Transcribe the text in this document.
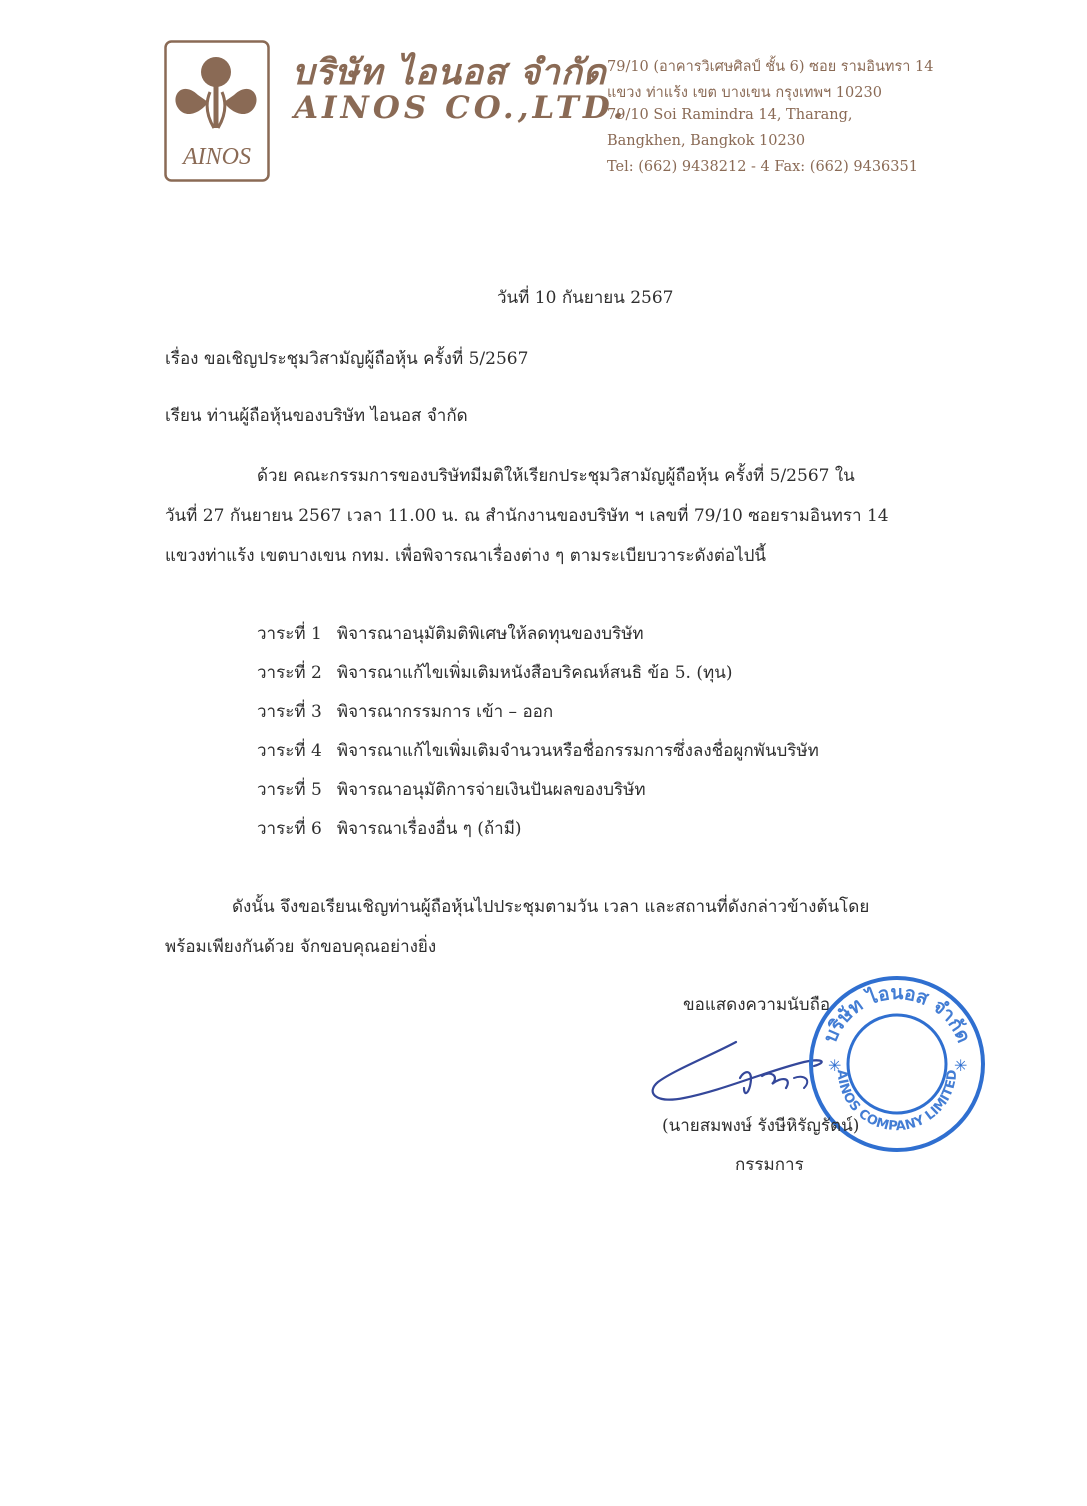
AINOS
บริษัท ไอนอส จำกัด
AINOS CO.,LTD.
79/10 (อาคารวิเศษศิลป์ ชั้น 6) ซอย รามอินทรา 14
แขวง ท่าแร้ง เขต บางเขน กรุงเทพฯ 10230
79/10 Soi Ramindra 14, Tharang,
Bangkhen, Bangkok 10230
Tel: (662) 9438212 - 4 Fax: (662) 9436351
วันที่ 10 กันยายน 2567
เรื่อง ขอเชิญประชุมวิสามัญผู้ถือหุ้น ครั้งที่ 5/2567
เรียน ท่านผู้ถือหุ้นของบริษัท ไอนอส จำกัด
ด้วย คณะกรรมการของบริษัทมีมติให้เรียกประชุมวิสามัญผู้ถือหุ้น ครั้งที่ 5/2567 ใน
วันที่ 27 กันยายน 2567 เวลา 11.00 น. ณ สำนักงานของบริษัท ฯ เลขที่ 79/10 ซอยรามอินทรา 14
แขวงท่าแร้ง เขตบางเขน กทม. เพื่อพิจารณาเรื่องต่าง ๆ ตามระเบียบวาระดังต่อไปนี้
วาระที่ 1 พิจารณาอนุมัติมติพิเศษให้ลดทุนของบริษัท
วาระที่ 2 พิจารณาแก้ไขเพิ่มเติมหนังสือบริคณห์สนธิ ข้อ 5. (ทุน)
วาระที่ 3 พิจารณากรรมการ เข้า – ออก
วาระที่ 4 พิจารณาแก้ไขเพิ่มเติมจำนวนหรือชื่อกรรมการซึ่งลงชื่อผูกพันบริษัท
วาระที่ 5 พิจารณาอนุมัติการจ่ายเงินปันผลของบริษัท
วาระที่ 6 พิจารณาเรื่องอื่น ๆ (ถ้ามี)
ดังนั้น จึงขอเรียนเชิญท่านผู้ถือหุ้นไปประชุมตามวัน เวลา และสถานที่ดังกล่าวข้างต้นโดย
พร้อมเพียงกันด้วย จักขอบคุณอย่างยิ่ง
ขอแสดงความนับถือ
บริษัท ไอนอส จำกัด
AINOS COMPANY LIMITED
✳	✳
(นายสมพงษ์ รังษีหิรัญรัตน์)
กรรมการ
